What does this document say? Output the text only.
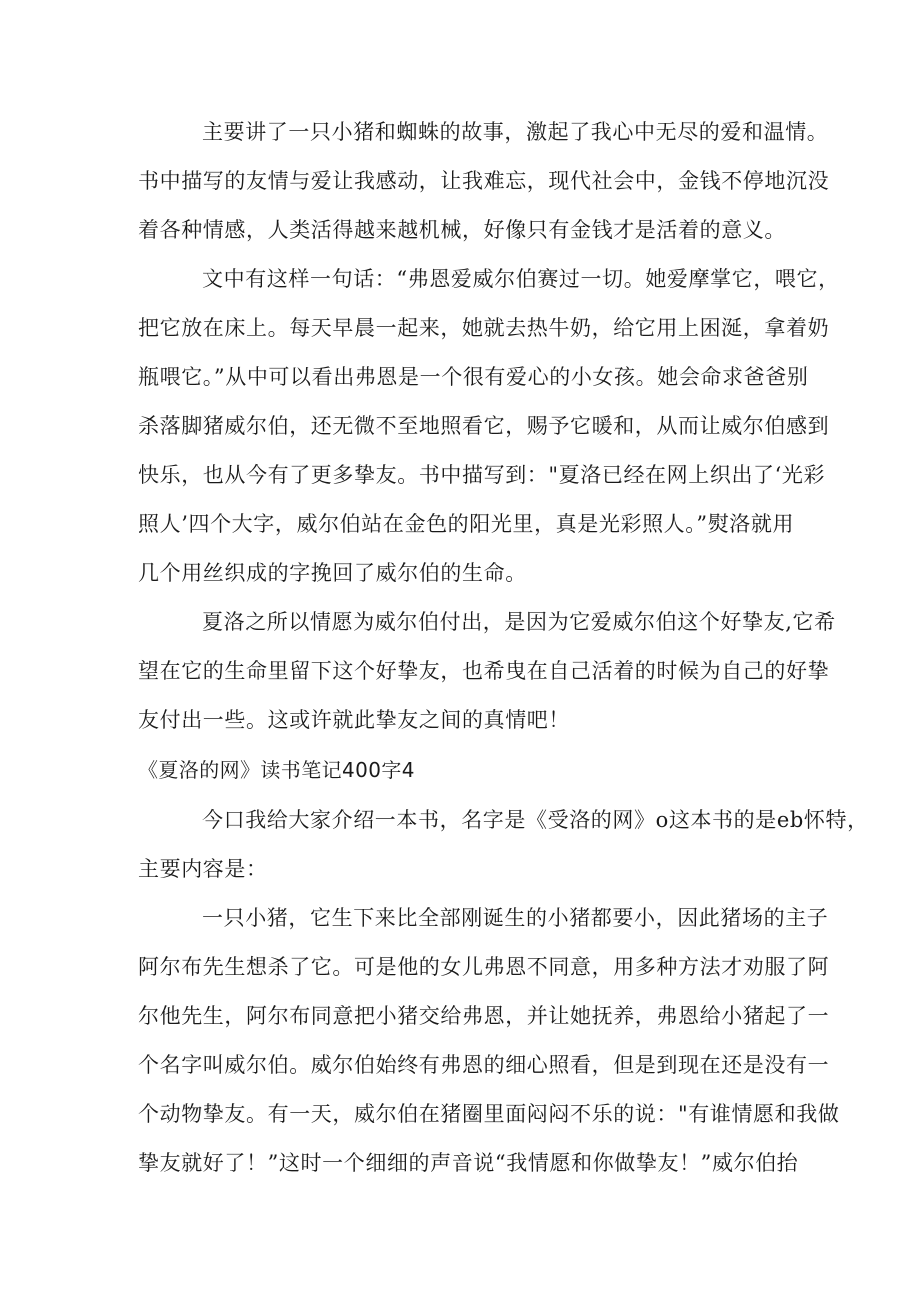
主要讲了一只小猪和蜘蛛的故事，激起了我心中无尽的爱和温情。
书中描写的友情与爱让我感动，让我难忘，现代社会中，金钱不停地沉没
着各种情感，人类活得越来越机械，好像只有金钱才是活着的意义。
文中有这样一句话：“弗恩爱威尔伯赛过一切。她爱摩掌它，喂它，
把它放在床上。每天早晨一起来，她就去热牛奶，给它用上困涎，拿着奶
瓶喂它。”从中可以看出弗恩是一个很有爱心的小女孩。她会命求爸爸别
杀落脚猪威尔伯，还无微不至地照看它，赐予它暖和，从而让威尔伯感到
快乐，也从今有了更多挚友。书中描写到："夏洛已经在网上织出了‘光彩
照人’四个大字，威尔伯站在金色的阳光里，真是光彩照人。”熨洛就用
几个用丝织成的字挽回了威尔伯的生命。
夏洛之所以情愿为威尔伯付出，是因为它爱威尔伯这个好挚友,它希
望在它的生命里留下这个好挚友，也希曳在自己活着的时候为自己的好挚
友付出一些。这或许就此挚友之间的真情吧！
《夏洛的网》读书笔记400字4
今口我给大家介绍一本书，名字是《受洛的网》o这本书的是eb怀特，
主要内容是：
一只小猪，它生下来比全部刚诞生的小猪都要小，因此猪场的主子
阿尔布先生想杀了它。可是他的女儿弗恩不同意，用多种方法才劝服了阿
尔他先生，阿尔布同意把小猪交给弗恩，并让她抚养，弗恩给小猪起了一
个名字叫威尔伯。威尔伯始终有弗恩的细心照看，但是到现在还是没有一
个动物挚友。有一天，威尔伯在猪圈里面闷闷不乐的说："有谁情愿和我做
挚友就好了！”这时一个细细的声音说“我情愿和你做挚友！”威尔伯抬
